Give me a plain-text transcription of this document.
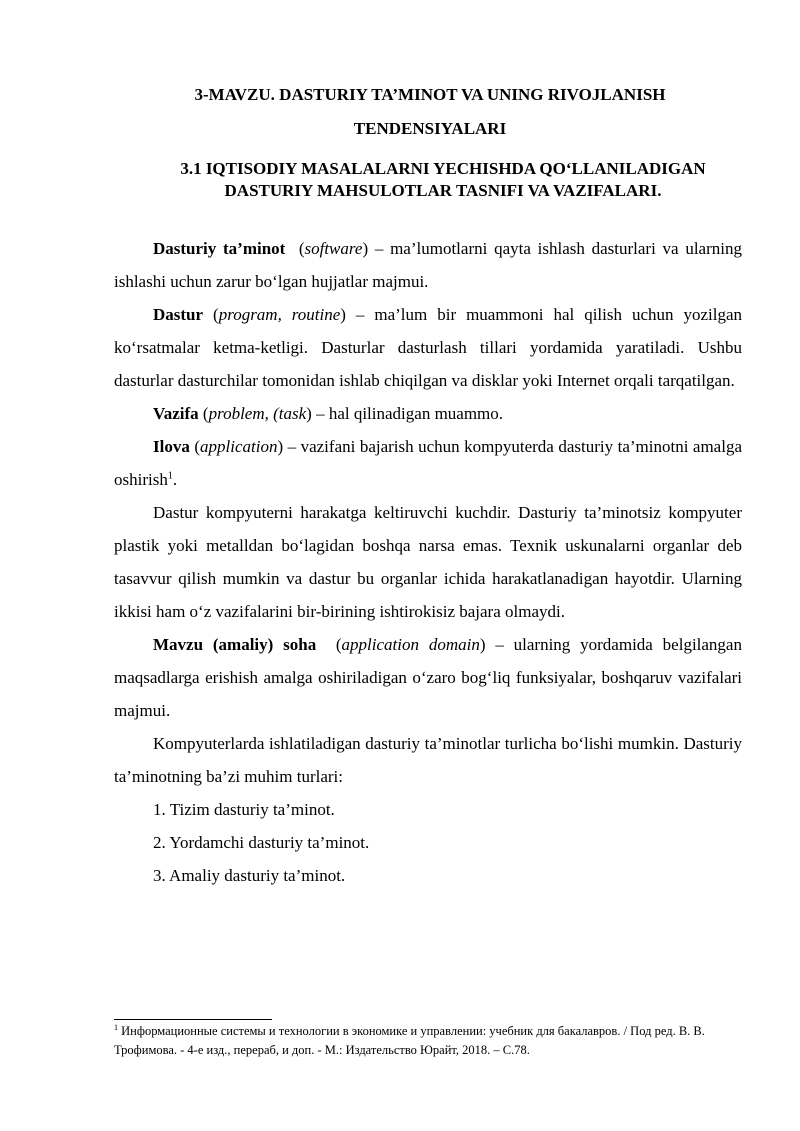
3-MAVZU. DASTURIY TA’MINOT VA UNING RIVOJLANISH TENDENSIYALARI
3.1 IQTISODIY MASALALARNI YECHISHDA QO‘LLANILADIGAN DASTURIY MAHSULOTLAR TASNIFI VA VAZIFALARI.

Dasturiy ta’minot  (software) – ma’lumotlarni qayta ishlash dasturlari va ularning ishlashi uchun zarur bo‘lgan hujjatlar majmui.

Dastur (program, routine) – ma’lum bir muammoni hal qilish uchun yozilgan ko‘rsatmalar ketma-ketligi. Dasturlar dasturlash tillari yordamida yaratiladi. Ushbu dasturlar dasturchilar tomonidan ishlab chiqilgan va disklar yoki Internet orqali tarqatilgan.

Vazifa (problem, (task) – hal qilinadigan muammo.

Ilova (application) – vazifani bajarish uchun kompyuterda dasturiy ta’minotni amalga oshirish$^1$.

Dastur kompyuterni harakatga keltiruvchi kuchdir. Dasturiy ta’minotsiz kompyuter plastik yoki metalldan bo‘lagidan boshqa narsa emas. Texnik uskunalarni organlar deb tasavvur qilish mumkin va dastur bu organlar ichida harakatlanadigan hayotdir. Ularning ikkisi ham o‘z vazifalarini bir-birining ishtirokisiz bajara olmaydi.

Mavzu (amaliy) soha  (application domain) – ularning yordamida belgilangan maqsadlarga erishish amalga oshiriladigan o‘zaro bog‘liq funksiyalar, boshqaruv vazifalari majmui.

Kompyuterlarda ishlatiladigan dasturiy ta’minotlar turlicha bo‘lishi mumkin. Dasturiy ta’minotning ba’zi muhim turlari:

1. Tizim dasturiy ta’minot.

2. Yordamchi dasturiy ta’minot.

3. Amaliy dasturiy ta’minot.

$^1$ Информационные системы и технологии в экономике и управлении: учебник для бакалавров. / Под ред. В. В. Трофимова. - 4-е изд., перераб, и доп. - М.: Издательство Юрайт, 2018. – С.78.
